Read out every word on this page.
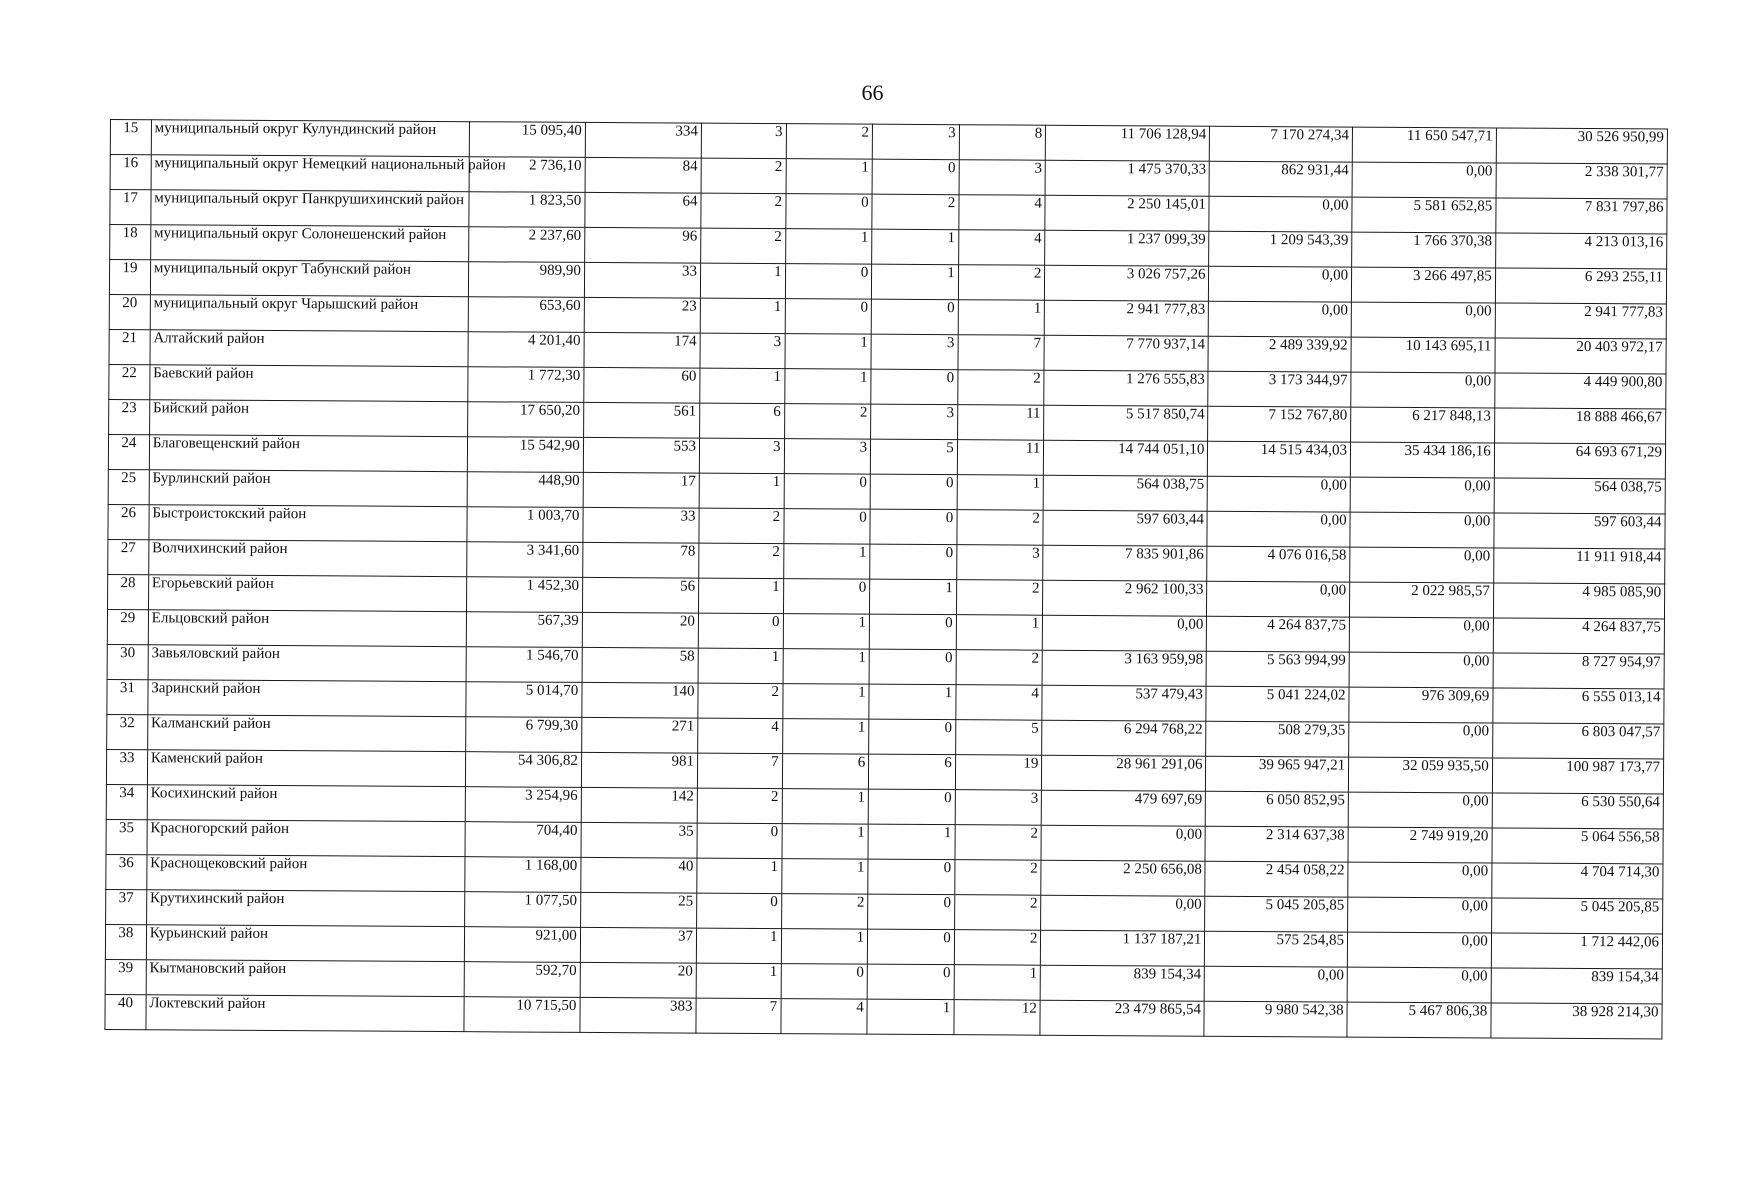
66
15	муниципальный округ Кулундинский район	15 095,40	334	3	2	3	8	11 706 128,94	7 170 274,34	11 650 547,71	30 526 950,99
16	муниципальный округ Немецкий национальный район	2 736,10	84	2	1	0	3	1 475 370,33	862 931,44	0,00	2 338 301,77
17	муниципальный округ Панкрушихинский район	1 823,50	64	2	0	2	4	2 250 145,01	0,00	5 581 652,85	7 831 797,86
18	муниципальный округ Солонешенский район	2 237,60	96	2	1	1	4	1 237 099,39	1 209 543,39	1 766 370,38	4 213 013,16
19	муниципальный округ Табунский район	989,90	33	1	0	1	2	3 026 757,26	0,00	3 266 497,85	6 293 255,11
20	муниципальный округ Чарышский район	653,60	23	1	0	0	1	2 941 777,83	0,00	0,00	2 941 777,83
21	Алтайский район	4 201,40	174	3	1	3	7	7 770 937,14	2 489 339,92	10 143 695,11	20 403 972,17
22	Баевский район	1 772,30	60	1	1	0	2	1 276 555,83	3 173 344,97	0,00	4 449 900,80
23	Бийский район	17 650,20	561	6	2	3	11	5 517 850,74	7 152 767,80	6 217 848,13	18 888 466,67
24	Благовещенский район	15 542,90	553	3	3	5	11	14 744 051,10	14 515 434,03	35 434 186,16	64 693 671,29
25	Бурлинский район	448,90	17	1	0	0	1	564 038,75	0,00	0,00	564 038,75
26	Быстроистокский район	1 003,70	33	2	0	0	2	597 603,44	0,00	0,00	597 603,44
27	Волчихинский район	3 341,60	78	2	1	0	3	7 835 901,86	4 076 016,58	0,00	11 911 918,44
28	Егорьевский район	1 452,30	56	1	0	1	2	2 962 100,33	0,00	2 022 985,57	4 985 085,90
29	Ельцовский район	567,39	20	0	1	0	1	0,00	4 264 837,75	0,00	4 264 837,75
30	Завьяловский район	1 546,70	58	1	1	0	2	3 163 959,98	5 563 994,99	0,00	8 727 954,97
31	Заринский район	5 014,70	140	2	1	1	4	537 479,43	5 041 224,02	976 309,69	6 555 013,14
32	Калманский район	6 799,30	271	4	1	0	5	6 294 768,22	508 279,35	0,00	6 803 047,57
33	Каменский район	54 306,82	981	7	6	6	19	28 961 291,06	39 965 947,21	32 059 935,50	100 987 173,77
34	Косихинский район	3 254,96	142	2	1	0	3	479 697,69	6 050 852,95	0,00	6 530 550,64
35	Красногорский район	704,40	35	0	1	1	2	0,00	2 314 637,38	2 749 919,20	5 064 556,58
36	Краснощековский район	1 168,00	40	1	1	0	2	2 250 656,08	2 454 058,22	0,00	4 704 714,30
37	Крутихинский район	1 077,50	25	0	2	0	2	0,00	5 045 205,85	0,00	5 045 205,85
38	Курьинский район	921,00	37	1	1	0	2	1 137 187,21	575 254,85	0,00	1 712 442,06
39	Кытмановский район	592,70	20	1	0	0	1	839 154,34	0,00	0,00	839 154,34
40	Локтевский район	10 715,50	383	7	4	1	12	23 479 865,54	9 980 542,38	5 467 806,38	38 928 214,30
